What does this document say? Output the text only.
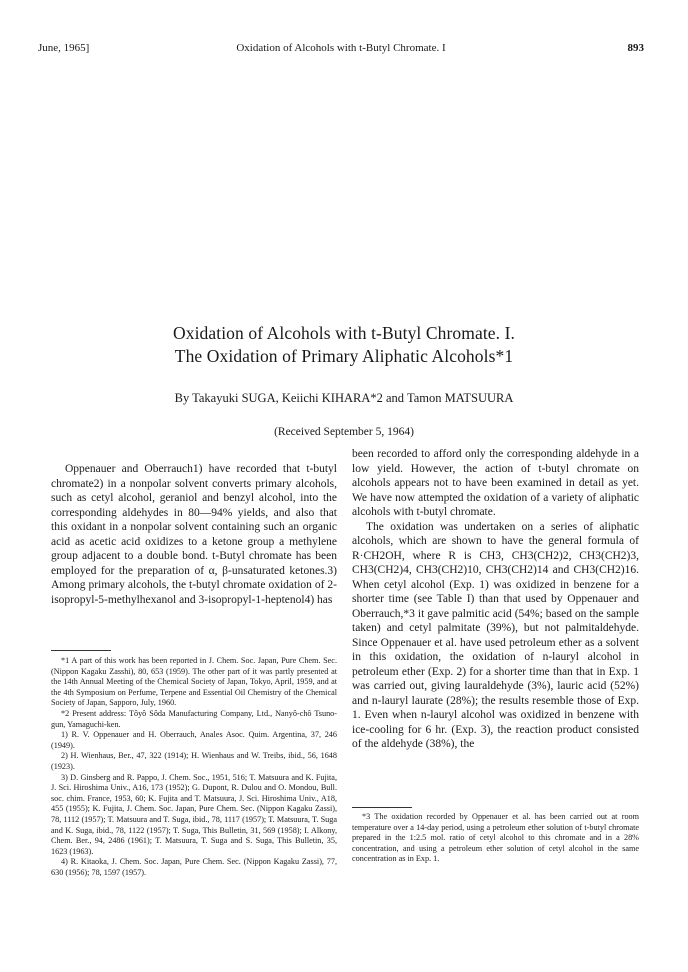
June, 1965]	Oxidation of Alcohols with t-Butyl Chromate. I	893
Oxidation of Alcohols with t-Butyl Chromate. I.
The Oxidation of Primary Aliphatic Alcohols*1
By Takayuki SUGA, Keiichi KIHARA*2 and Tamon MATSUURA
(Received September 5, 1964)

Oppenauer and Oberrauch1) have recorded that t-butyl chromate2) in a nonpolar solvent converts primary alcohols, such as cetyl alcohol, geraniol and benzyl alcohol, into the corresponding aldehydes in 80—94% yields, and also that this oxidant in a nonpolar solvent containing such an organic acid as acetic acid oxidizes to a ketone group a methylene group adjacent to a double bond. t-Butyl chromate has been employed for the preparation of α, β-unsaturated ketones.3) Among primary alcohols, the t-butyl chromate oxidation of 2-isopropyl-5-methylhexanol and 3-isopropyl-1-heptenol4) has

*1 A part of this work has been reported in J. Chem. Soc. Japan, Pure Chem. Sec. (Nippon Kagaku Zasshi), 80, 653 (1959). The other part of it was partly presented at the 14th Annual Meeting of the Chemical Society of Japan, Tokyo, April, 1959, and at the 4th Symposium on Perfume, Terpene and Essential Oil Chemistry of the Chemical Society of Japan, Sapporo, July, 1960.

*2 Present address: Tôyô Sôda Manufacturing Company, Ltd., Nanyô-chô Tsuno-gun, Yamaguchi-ken.

1) R. V. Oppenauer and H. Oberrauch, Anales Asoc. Quim. Argentina, 37, 246 (1949).

2) H. Wienhaus, Ber., 47, 322 (1914); H. Wienhaus and W. Treibs, ibid., 56, 1648 (1923).

3) D. Ginsberg and R. Pappo, J. Chem. Soc., 1951, 516; T. Matsuura and K. Fujita, J. Sci. Hiroshima Univ., A16, 173 (1952); G. Dupont, R. Dulou and O. Mondou, Bull. soc. chim. France, 1953, 60; K. Fujita and T. Matsuura, J. Sci. Hiroshima Univ., A18, 455 (1955); K. Fujita, J. Chem. Soc. Japan, Pure Chem. Sec. (Nippon Kagaku Zassi), 78, 1112 (1957); T. Matsuura and T. Suga, ibid., 78, 1117 (1957); T. Matsuura, T. Suga and K. Suga, ibid., 78, 1122 (1957); T. Suga, This Bulletin, 31, 569 (1958); I. Alkony, Chem. Ber., 94, 2486 (1961); T. Matsuura, T. Suga and S. Suga, This Bulletin, 35, 1623 (1963).

4) R. Kitaoka, J. Chem. Soc. Japan, Pure Chem. Sec. (Nippon Kagaku Zassi), 77, 630 (1956); 78, 1597 (1957).

been recorded to afford only the corresponding aldehyde in a low yield. However, the action of t-butyl chromate on alcohols appears not to have been examined in detail as yet. We have now attempted the oxidation of a variety of aliphatic alcohols with t-butyl chromate.

The oxidation was undertaken on a series of aliphatic alcohols, which are shown to have the general formula of R·CH2OH, where R is CH3, CH3(CH2)2, CH3(CH2)3, CH3(CH2)4, CH3(CH2)10, CH3(CH2)14 and CH3(CH2)16. When cetyl alcohol (Exp. 1) was oxidized in benzene for a shorter time (see Table I) than that used by Oppenauer and Oberrauch,*3 it gave palmitic acid (54%; based on the sample taken) and cetyl palmitate (39%), but not palmitaldehyde. Since Oppenauer et al. have used petroleum ether as a solvent in this oxidation, the oxidation of n-lauryl alcohol in petroleum ether (Exp. 2) for a shorter time than that in Exp. 1 was carried out, giving lauraldehyde (3%), lauric acid (52%) and n-lauryl laurate (28%); the results resemble those of Exp. 1. Even when n-lauryl alcohol was oxidized in benzene with ice-cooling for 6 hr. (Exp. 3), the reaction product consisted of the aldehyde (38%), the

*3 The oxidation recorded by Oppenauer et al. has been carried out at room temperature over a 14-day period, using a petroleum ether solution of t-butyl chromate prepared in the 1:2.5 mol. ratio of cetyl alcohol to this chromate and in a 28% concentration, and using a petroleum ether solution of cetyl alcohol in the same concentration as in Exp. 1.
